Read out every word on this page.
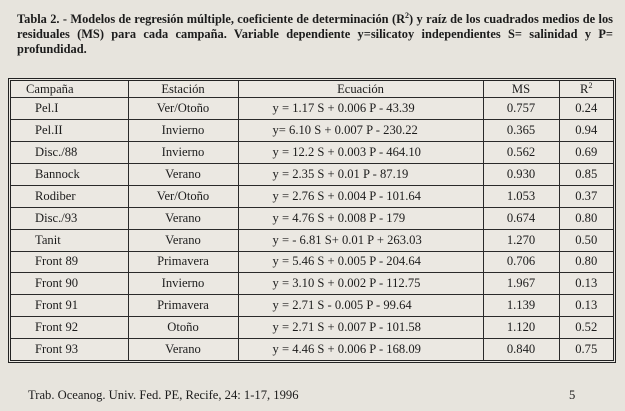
Tabla 2. - Modelos de regresión múltiple, coeficiente de determinación $(R^2)$ y raíz de los cuadrados medios de los residuales (MS) para cada campaña. Variable dependiente y=silicatoy independientes S= salinidad y P= profundidad.
Campaña	Estación	Ecuación	MS	$R^2$
Pel.I	Ver/Otoño	y = 1.17 S + 0.006 P - 43.39	0.757	0.24
Pel.II	Invierno	y= 6.10 S + 0.007 P - 230.22	0.365	0.94
Disc./88	Invierno	y = 12.2 S + 0.003 P - 464.10	0.562	0.69
Bannock	Verano	y = 2.35 S + 0.01 P - 87.19	0.930	0.85
Rodiber	Ver/Otoño	y = 2.76 S + 0.004 P - 101.64	1.053	0.37
Disc./93	Verano	y = 4.76 S + 0.008 P - 179	0.674	0.80
Tanit	Verano	y = - 6.81 S+ 0.01 P + 263.03	1.270	0.50
Front 89	Primavera	y = 5.46 S + 0.005 P - 204.64	0.706	0.80
Front 90	Invierno	y = 3.10 S + 0.002 P - 112.75	1.967	0.13
Front 91	Primavera	y = 2.71 S - 0.005 P - 99.64	1.139	0.13
Front 92	Otoño	y = 2.71 S + 0.007 P - 101.58	1.120	0.52
Front 93	Verano	y = 4.46 S + 0.006 P - 168.09	0.840	0.75
Trab. Oceanog. Univ. Fed. PE, Recife, 24: 1-17, 1996	5
